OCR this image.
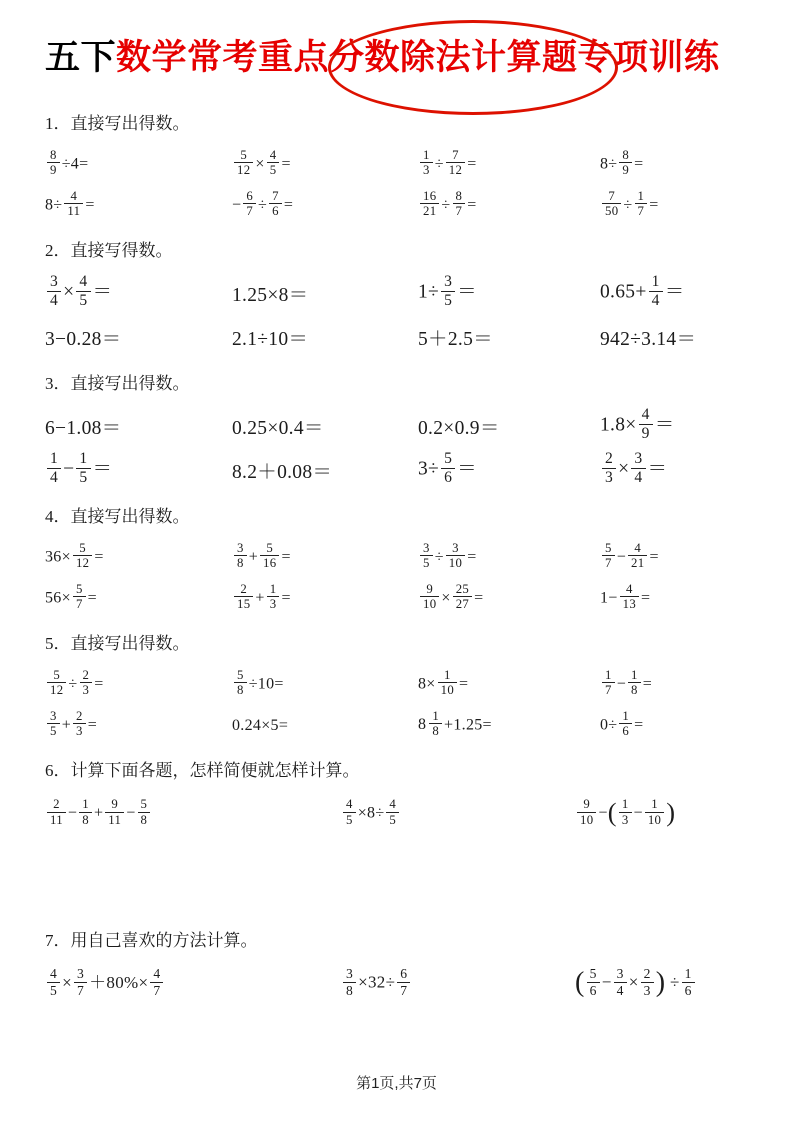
五下数学常考重点分数除法计算题专项训练

1．直接写出得数。

$\frac{8}{9} \div 4=$	$\frac{5}{12} \times \frac{4}{5}$ =	$\frac{1}{3} \div \frac{7}{12}$ =	$8\div \frac{8}{9}$ =
$8\div \frac{4}{11}$ =	− $\frac{6}{7} \div \frac{7}{6}$ =	$\frac{16}{21} \div \frac{8}{7}$ =	$\frac{7}{50} \div \frac{1}{7}$ =

2．直接写得数。

$\frac{3}{4} \times \frac{4}{5}$ ＝	1.25×8＝	$1\div \frac{3}{5}$ ＝	$0.65+ \frac{1}{4}$ ＝
3−0.28＝	2.1÷10＝	5＋2.5＝	942÷3.14＝

3．直接写出得数。

6−1.08＝	0.25×0.4＝	0.2×0.9＝	$1.8\times \frac{4}{9}$ ＝
$\frac{1}{4} - \frac{1}{5}$ ＝	8.2＋0.08＝	$3\div \frac{5}{6}$ ＝	$\frac{2}{3} \times \frac{3}{4}$ ＝

4．直接写出得数。

$36\times \frac{5}{12}$ =	$\frac{3}{8} + \frac{5}{16}$ =	$\frac{3}{5} \div \frac{3}{10}$ =	$\frac{5}{7} - \frac{4}{21}$ =
$56\times \frac{5}{7}$ =	$\frac{2}{15} + \frac{1}{3}$ =	$\frac{9}{10} \times \frac{25}{27}$ =	$1- \frac{4}{13}$ =

5．直接写出得数。

$\frac{5}{12} \div \frac{2}{3}$ =	$\frac{5}{8} \div 10=$	$8\times \frac{1}{10}$ =	$\frac{1}{7} - \frac{1}{8}$ =
$\frac{3}{5} + \frac{2}{3}$ =	0.24×5=	$8 \frac{1}{8} +1.25=$	$0\div \frac{1}{6}$ =

6．计算下面各题，怎样简便就怎样计算。

$\frac{2}{11} - \frac{1}{8} + \frac{9}{11} - \frac{5}{8}$	$\frac{4}{5} \times 8\div \frac{4}{5}$	$\frac{9}{10}$ −( $\frac{1}{3} - \frac{1}{10}$ )

7．用自己喜欢的方法计算。

$\frac{4}{5} \times \frac{3}{7} +80\%\times \frac{4}{7}$	$\frac{3}{8} \times 32\div \frac{6}{7}$	( $\frac{5}{6} - \frac{3}{4} \times \frac{2}{3}$ ) ÷ $\frac{1}{6}$

第1页,共7页
